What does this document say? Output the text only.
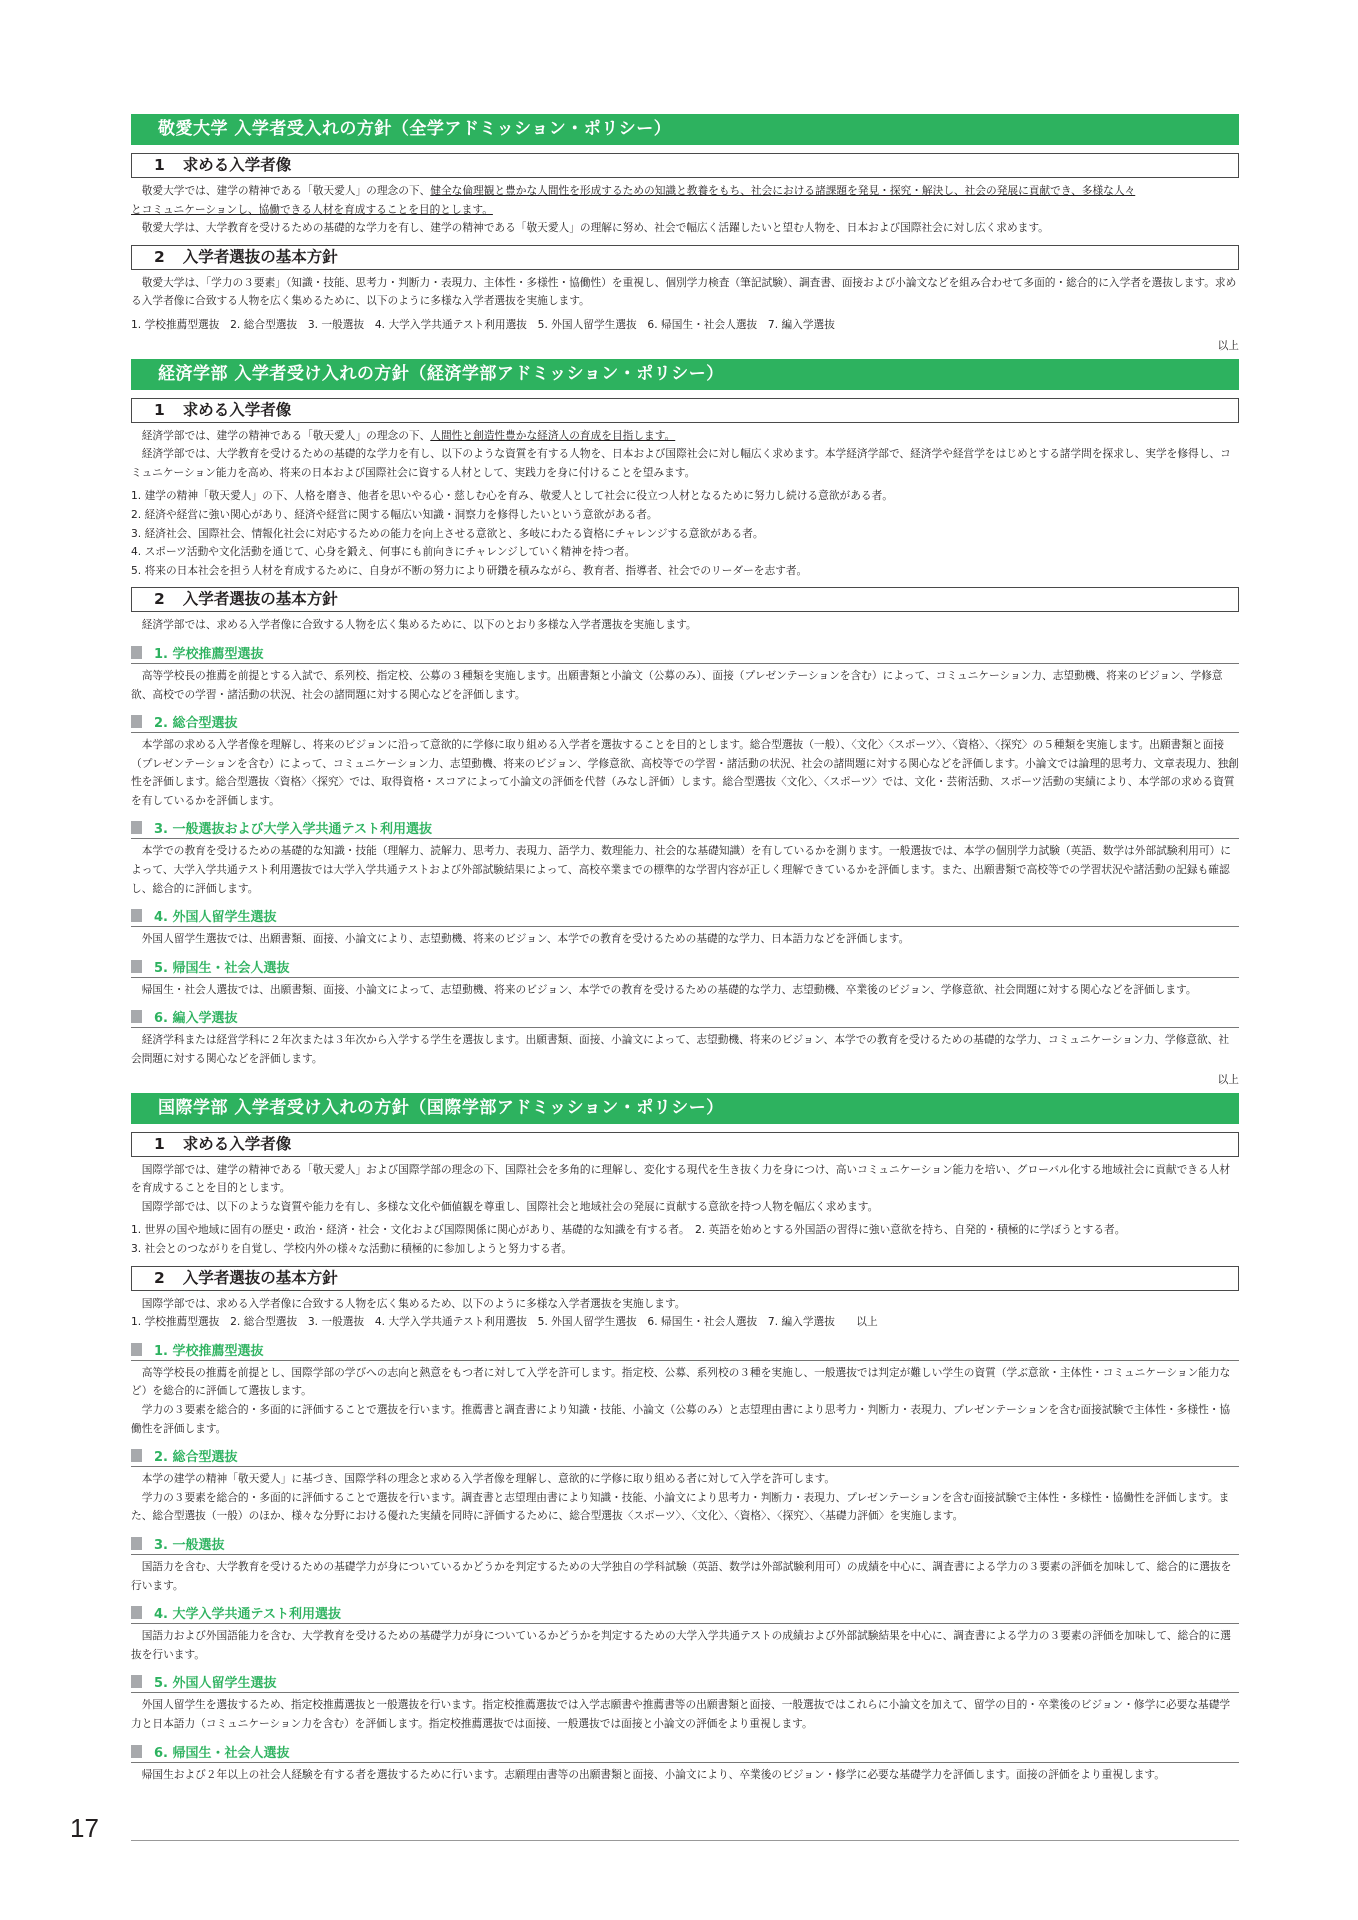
敬愛大学 入学者受入れの方針（全学アドミッション・ポリシー）
1 求める入学者像

敬愛大学では、建学の精神である「敬天愛人」の理念の下、健全な倫理観と豊かな人間性を形成するための知識と教養をもち、社会における諸課題を発見・探究・解決し、社会の発展に貢献でき、多様な人々
とコミュニケーションし、協働できる人材を育成することを目的とします。

敬愛大学は、大学教育を受けるための基礎的な学力を有し、建学の精神である「敬天愛人」の理解に努め、社会で幅広く活躍したいと望む人物を、日本および国際社会に対し広く求めます。

2 入学者選抜の基本方針

敬愛大学は、「学力の３要素」（知識・技能、思考力・判断力・表現力、主体性・多様性・協働性）を重視し、個別学力検査（筆記試験）、調査書、面接および小論文などを組み合わせて多面的・総合的に入学者を選抜します。求める入学者像に合致する人物を広く集めるために、以下のように多様な入学者選抜を実施します。

1. 学校推薦型選抜　2. 総合型選抜　3. 一般選抜　4. 大学入学共通テスト利用選抜　5. 外国人留学生選抜　6. 帰国生・社会人選抜　7. 編入学選抜

以上
経済学部 入学者受け入れの方針（経済学部アドミッション・ポリシー）
1 求める入学者像

経済学部では、建学の精神である「敬天愛人」の理念の下、人間性と創造性豊かな経済人の育成を目指します。

経済学部では、大学教育を受けるための基礎的な学力を有し、以下のような資質を有する人物を、日本および国際社会に対し幅広く求めます。本学経済学部で、経済学や経営学をはじめとする諸学問を探求し、実学を修得し、コミュニケーション能力を高め、将来の日本および国際社会に資する人材として、実践力を身に付けることを望みます。

1. 建学の精神「敬天愛人」の下、人格を磨き、他者を思いやる心・慈しむ心を育み、敬愛人として社会に役立つ人材となるために努力し続ける意欲がある者。
2. 経済や経営に強い関心があり、経済や経営に関する幅広い知識・洞察力を修得したいという意欲がある者。
3. 経済社会、国際社会、情報化社会に対応するための能力を向上させる意欲と、多岐にわたる資格にチャレンジする意欲がある者。
4. スポーツ活動や文化活動を通じて、心身を鍛え、何事にも前向きにチャレンジしていく精神を持つ者。
5. 将来の日本社会を担う人材を育成するために、自身が不断の努力により研鑽を積みながら、教育者、指導者、社会でのリーダーを志す者。
2 入学者選抜の基本方針

経済学部では、求める入学者像に合致する人物を広く集めるために、以下のとおり多様な入学者選抜を実施します。

1. 学校推薦型選抜

高等学校長の推薦を前提とする入試で、系列校、指定校、公募の３種類を実施します。出願書類と小論文（公募のみ）、面接（プレゼンテーションを含む）によって、コミュニケーション力、志望動機、将来のビジョン、学修意欲、高校での学習・諸活動の状況、社会の諸問題に対する関心などを評価します。

2. 総合型選抜

本学部の求める入学者像を理解し、将来のビジョンに沿って意欲的に学修に取り組める入学者を選抜することを目的とします。総合型選抜（一般）、〈文化〉〈スポーツ〉、〈資格〉、〈探究〉の５種類を実施します。出願書類と面接（プレゼンテーションを含む）によって、コミュニケーション力、志望動機、将来のビジョン、学修意欲、高校等での学習・諸活動の状況、社会の諸問題に対する関心などを評価します。小論文では論理的思考力、文章表現力、独創性を評価します。総合型選抜〈資格〉〈探究〉では、取得資格・スコアによって小論文の評価を代替（みなし評価）します。総合型選抜〈文化〉、〈スポーツ〉では、文化・芸術活動、スポーツ活動の実績により、本学部の求める資質を有しているかを評価します。

3. 一般選抜および大学入学共通テスト利用選抜

本学での教育を受けるための基礎的な知識・技能（理解力、読解力、思考力、表現力、語学力、数理能力、社会的な基礎知識）を有しているかを測ります。一般選抜では、本学の個別学力試験（英語、数学は外部試験利用可）によって、大学入学共通テスト利用選抜では大学入学共通テストおよび外部試験結果によって、高校卒業までの標準的な学習内容が正しく理解できているかを評価します。また、出願書類で高校等での学習状況や諸活動の記録も確認し、総合的に評価します。

4. 外国人留学生選抜

外国人留学生選抜では、出願書類、面接、小論文により、志望動機、将来のビジョン、本学での教育を受けるための基礎的な学力、日本語力などを評価します。

5. 帰国生・社会人選抜

帰国生・社会人選抜では、出願書類、面接、小論文によって、志望動機、将来のビジョン、本学での教育を受けるための基礎的な学力、志望動機、卒業後のビジョン、学修意欲、社会問題に対する関心などを評価します。

6. 編入学選抜

経済学科または経営学科に２年次または３年次から入学する学生を選抜します。出願書類、面接、小論文によって、志望動機、将来のビジョン、本学での教育を受けるための基礎的な学力、コミュニケーション力、学修意欲、社会問題に対する関心などを評価します。

以上
国際学部 入学者受け入れの方針（国際学部アドミッション・ポリシー）
1 求める入学者像

国際学部では、建学の精神である「敬天愛人」および国際学部の理念の下、国際社会を多角的に理解し、変化する現代を生き抜く力を身につけ、高いコミュニケーション能力を培い、グローバル化する地域社会に貢献できる人材を育成することを目的とします。

国際学部では、以下のような資質や能力を有し、多様な文化や価値観を尊重し、国際社会と地域社会の発展に貢献する意欲を持つ人物を幅広く求めます。

1. 世界の国や地域に固有の歴史・政治・経済・社会・文化および国際関係に関心があり、基礎的な知識を有する者。　2. 英語を始めとする外国語の習得に強い意欲を持ち、自発的・積極的に学ぼうとする者。
3. 社会とのつながりを自覚し、学校内外の様々な活動に積極的に参加しようと努力する者。
2 入学者選抜の基本方針

国際学部では、求める入学者像に合致する人物を広く集めるため、以下のように多様な入学者選抜を実施します。

1. 学校推薦型選抜　2. 総合型選抜　3. 一般選抜　4. 大学入学共通テスト利用選抜　5. 外国人留学生選抜　6. 帰国生・社会人選抜　7. 編入学選抜　　以上

1. 学校推薦型選抜

高等学校長の推薦を前提とし、国際学部の学びへの志向と熱意をもつ者に対して入学を許可します。指定校、公募、系列校の３種を実施し、一般選抜では判定が難しい学生の資質（学ぶ意欲・主体性・コミュニケーション能力など）を総合的に評価して選抜します。

学力の３要素を総合的・多面的に評価することで選抜を行います。推薦書と調査書により知識・技能、小論文（公募のみ）と志望理由書により思考力・判断力・表現力、プレゼンテーションを含む面接試験で主体性・多様性・協働性を評価します。

2. 総合型選抜

本学の建学の精神「敬天愛人」に基づき、国際学科の理念と求める入学者像を理解し、意欲的に学修に取り組める者に対して入学を許可します。

学力の３要素を総合的・多面的に評価することで選抜を行います。調査書と志望理由書により知識・技能、小論文により思考力・判断力・表現力、プレゼンテーションを含む面接試験で主体性・多様性・協働性を評価します。また、総合型選抜（一般）のほか、様々な分野における優れた実績を同時に評価するために、総合型選抜〈スポーツ〉、〈文化〉、〈資格〉、〈探究〉、〈基礎力評価〉を実施します。

3. 一般選抜

国語力を含む、大学教育を受けるための基礎学力が身についているかどうかを判定するための大学独自の学科試験（英語、数学は外部試験利用可）の成績を中心に、調査書による学力の３要素の評価を加味して、総合的に選抜を行います。

4. 大学入学共通テスト利用選抜

国語力および外国語能力を含む、大学教育を受けるための基礎学力が身についているかどうかを判定するための大学入学共通テストの成績および外部試験結果を中心に、調査書による学力の３要素の評価を加味して、総合的に選抜を行います。

5. 外国人留学生選抜

外国人留学生を選抜するため、指定校推薦選抜と一般選抜を行います。指定校推薦選抜では入学志願書や推薦書等の出願書類と面接、一般選抜ではこれらに小論文を加えて、留学の目的・卒業後のビジョン・修学に必要な基礎学力と日本語力（コミュニケーション力を含む）を評価します。指定校推薦選抜では面接、一般選抜では面接と小論文の評価をより重視します。

6. 帰国生・社会人選抜

帰国生および２年以上の社会人経験を有する者を選抜するために行います。志願理由書等の出願書類と面接、小論文により、卒業後のビジョン・修学に必要な基礎学力を評価します。面接の評価をより重視します。

17
